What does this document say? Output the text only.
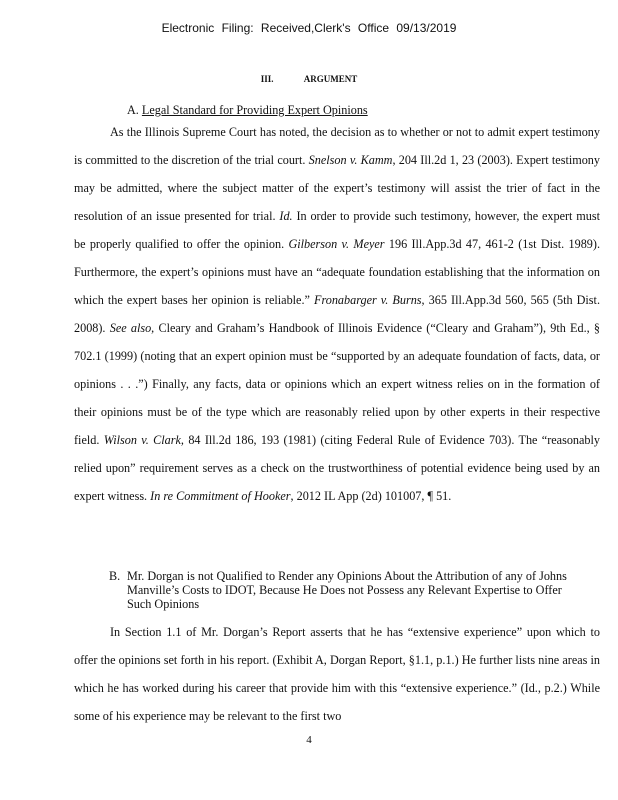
Electronic Filing: Received,Clerk's Office 09/13/2019
III.	ARGUMENT
A. Legal Standard for Providing Expert Opinions

As the Illinois Supreme Court has noted, the decision as to whether or not to admit expert testimony is committed to the discretion of the trial court. Snelson v. Kamm, 204 Ill.2d 1, 23 (2003). Expert testimony may be admitted, where the subject matter of the expert’s testimony will assist the trier of fact in the resolution of an issue presented for trial. Id. In order to provide such testimony, however, the expert must be properly qualified to offer the opinion. Gilberson v. Meyer 196 Ill.App.3d 47, 461-2 (1st Dist. 1989). Furthermore, the expert’s opinions must have an “adequate foundation establishing that the information on which the expert bases her opinion is reliable.” Fronabarger v. Burns, 365 Ill.App.3d 560, 565 (5th Dist. 2008). See also, Cleary and Graham’s Handbook of Illinois Evidence (“Cleary and Graham”), 9th Ed., § 702.1 (1999) (noting that an expert opinion must be “supported by an adequate foundation of facts, data, or opinions . . .”) Finally, any facts, data or opinions which an expert witness relies on in the formation of their opinions must be of the type which are reasonably relied upon by other experts in their respective field. Wilson v. Clark, 84 Ill.2d 186, 193 (1981) (citing Federal Rule of Evidence 703). The “reasonably relied upon” requirement serves as a check on the trustworthiness of potential evidence being used by an expert witness. In re Commitment of Hooker, 2012 IL App (2d) 101007, ¶ 51.

B. Mr. Dorgan is not Qualified to Render any Opinions About the Attribution of any of Johns Manville’s Costs to IDOT, Because He Does not Possess any Relevant Expertise to Offer Such Opinions

In Section 1.1 of Mr. Dorgan’s Report asserts that he has “extensive experience” upon which to offer the opinions set forth in his report. (Exhibit A, Dorgan Report, §1.1, p.1.) He further lists nine areas in which he has worked during his career that provide him with this “extensive experience.” (Id., p.2.) While some of his experience may be relevant to the first two

4
